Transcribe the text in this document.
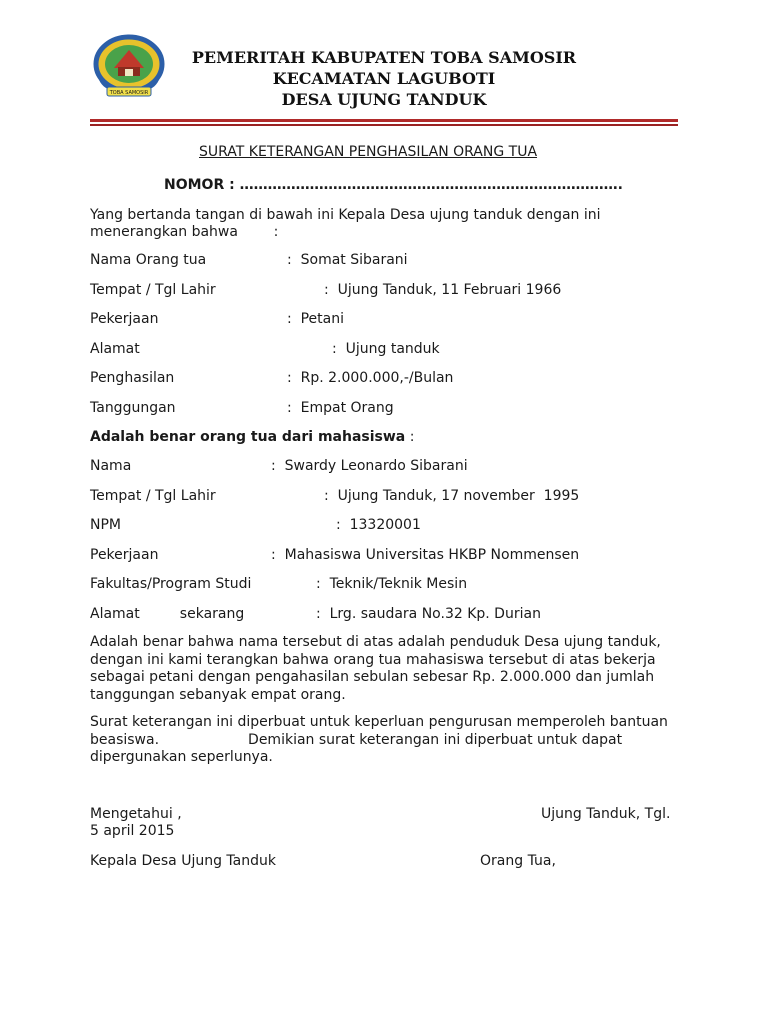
TOBA SAMOSIR
PEMERITAH KABUPATEN TOBA SAMOSIR
KECAMATAN LAGUBOTI
DESA UJUNG TANDUK
SURAT KETERANGAN PENGHASILAN ORANG TUA
NOMOR : ……………………………………………………………………….
Yang bertanda tangan di bawah ini Kepala Desa ujung tanduk dengan ini
menerangkan bahwa        :
Nama Orang tua	:  Somat Sibarani
Tempat / Tgl Lahir	:  Ujung Tanduk, 11 Februari 1966
Pekerjaan	:  Petani
Alamat	:  Ujung tanduk
Penghasilan	:  Rp. 2.000.000,-/Bulan
Tanggungan	:  Empat Orang
Adalah benar orang tua dari mahasiswa :
Nama	:  Swardy Leonardo Sibarani
Tempat / Tgl Lahir	:  Ujung Tanduk, 17 november  1995
NPM	:  13320001
Pekerjaan	:  Mahasiswa Universitas HKBP Nommensen
Fakultas/Program Studi	:  Teknik/Teknik Mesin
Alamat         sekarang	:  Lrg. saudara No.32 Kp. Durian
Adalah benar bahwa nama tersebut di atas adalah penduduk Desa ujung tanduk,
dengan ini kami terangkan bahwa orang tua mahasiswa tersebut di atas bekerja
sebagai petani dengan pengahasilan sebulan sebesar Rp. 2.000.000 dan jumlah
tanggungan sebanyak empat orang.
Surat keterangan ini diperbuat untuk keperluan pengurusan memperoleh bantuan
beasiswa.                    Demikian surat keterangan ini diperbuat untuk dapat
dipergunakan seperlunya.
Mengetahui ,	Ujung Tanduk, Tgl.
5 april 2015
Kepala Desa Ujung Tanduk	Orang Tua,
